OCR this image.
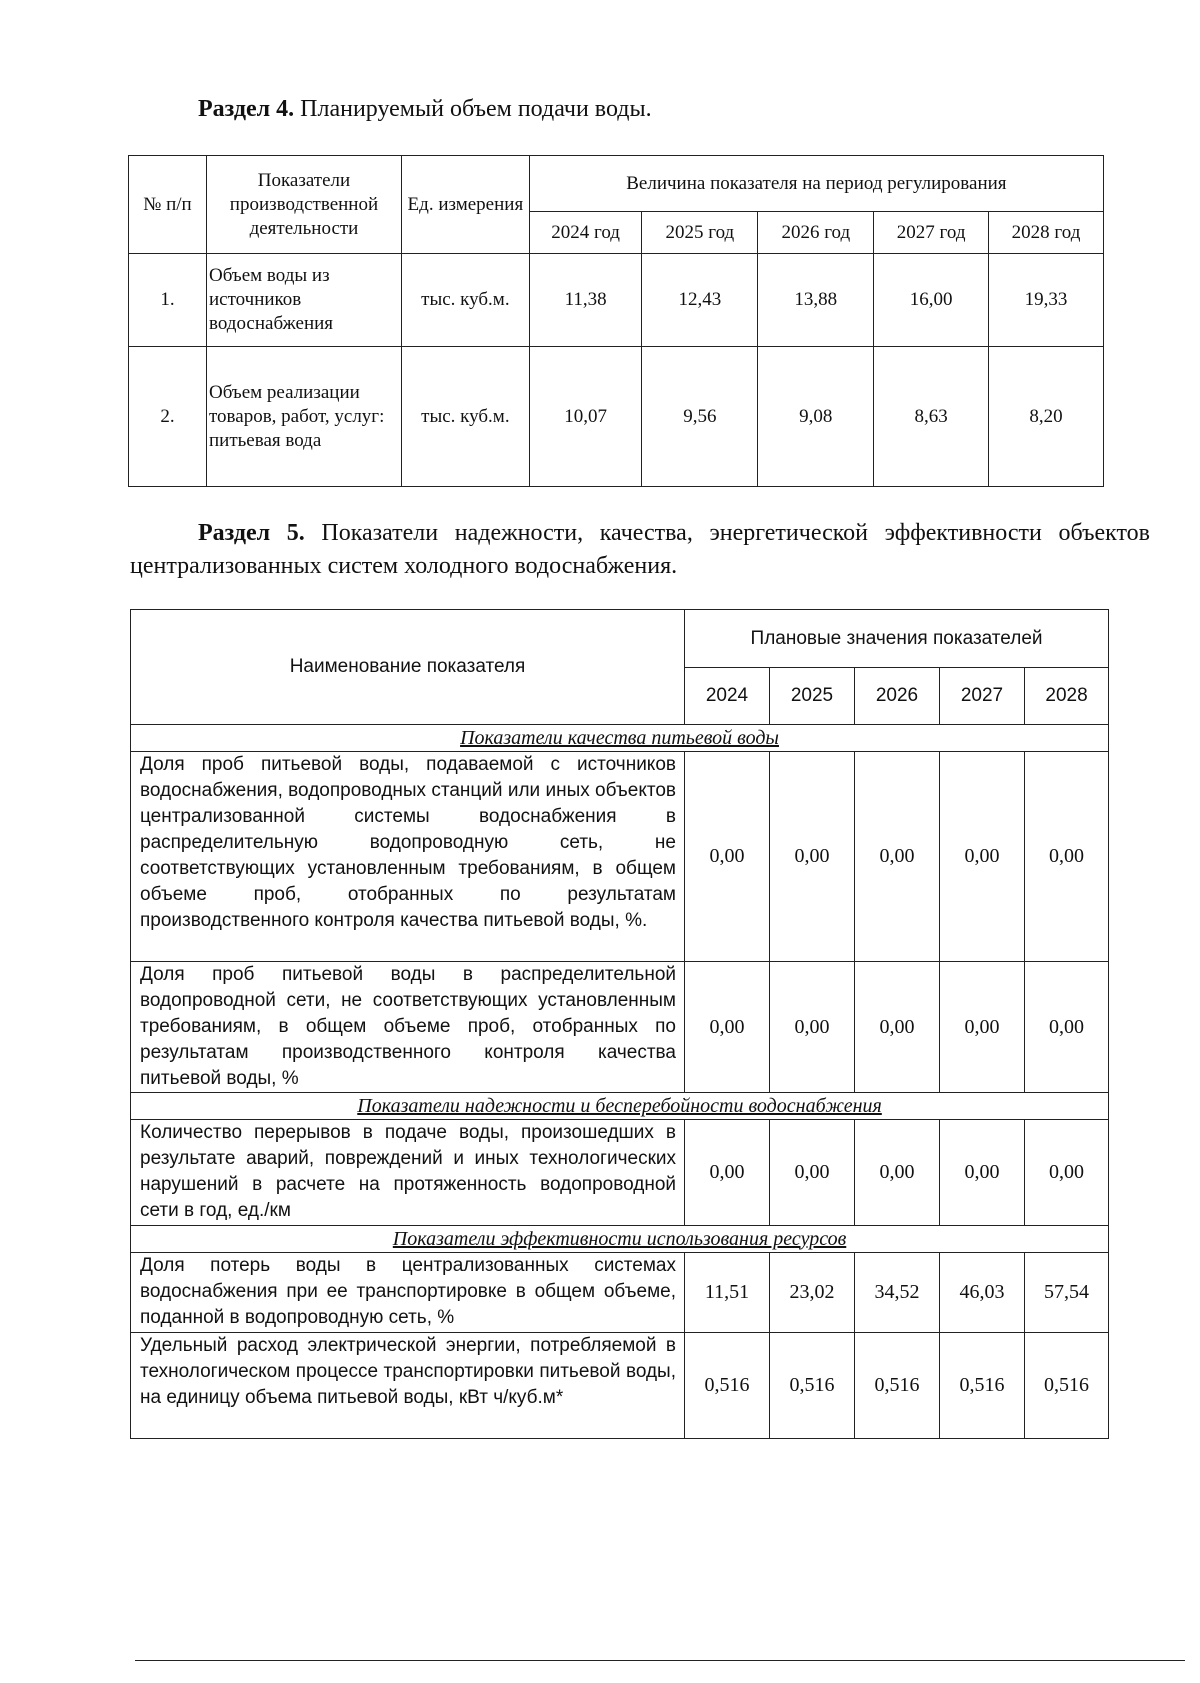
Раздел 4. Планируемый объем подачи воды.

№ п/п	Показатели производственной деятельности	Ед. измерения	Величина показателя на период регулирования				
			2024 год	2025 год	2026 год	2027 год	2028 год
1.	Объем воды из источников водоснабжения	тыс. куб.м.	11,38	12,43	13,88	16,00	19,33
2.	Объем реализации товаров, работ, услуг: питьевая вода	тыс. куб.м.	10,07	9,56	9,08	8,63	8,20

Раздел 5. Показатели надежности, качества, энергетической эффективности объектов централизованных систем холодного водоснабжения.

Наименование показателя	Плановые значения показателей				
	2024	2025	2026	2027	2028
Показатели качества питьевой воды					
Доля проб питьевой воды, подаваемой с источников водоснабжения, водопроводных станций или иных объектов централизованной системы водоснабжения в распределительную водопроводную сеть, не соответствующих установленным требованиям, в общем объеме проб, отобранных по результатам производственного контроля качества питьевой воды, %.	0,00	0,00	0,00	0,00	0,00
Доля проб питьевой воды в распределительной водопроводной сети, не соответствующих установленным требованиям, в общем объеме проб, отобранных по результатам производственного контроля качества питьевой воды, %	0,00	0,00	0,00	0,00	0,00
Показатели надежности и бесперебойности водоснабжения					
Количество перерывов в подаче воды, произошедших в результате аварий, повреждений и иных технологических нарушений в расчете на протяженность водопроводной сети в год, ед./км	0,00	0,00	0,00	0,00	0,00
Показатели эффективности использования ресурсов					
Доля потерь воды в централизованных системах водоснабжения при ее транспортировке в общем объеме, поданной в водопроводную сеть, %	11,51	23,02	34,52	46,03	57,54
Удельный расход электрической энергии, потребляемой в технологическом процессе транспортировки питьевой воды, на единицу объема питьевой воды, кВт ч/куб.м*	0,516	0,516	0,516	0,516	0,516
